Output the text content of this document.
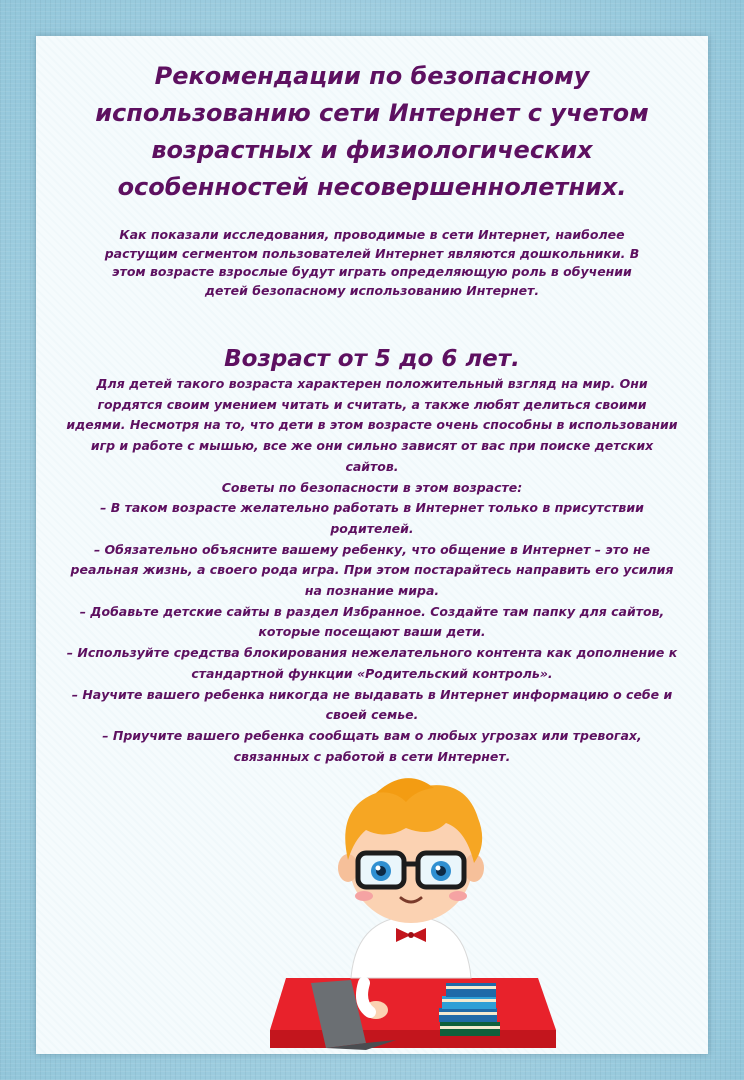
Рекомендации по безопасному использованию сети Интернет с учетом возрастных и физиологических особенностей несовершеннолетних.
Как показали исследования, проводимые в сети Интернет, наиболее растущим сегментом пользователей Интернет являются дошкольники. В этом возрасте взрослые будут играть определяющую роль в обучении детей безопасному использованию Интернет.
Возраст от 5 до 6 лет.

Для детей такого возраста характерен положительный взгляд на мир. Они гордятся своим умением читать и считать, а также любят делиться своими идеями. Несмотря на то, что дети в этом возрасте очень способны в использовании игр и работе с мышью, все же они сильно зависят от вас при поиске детских сайтов.

Советы по безопасности в этом возрасте:

– В таком возрасте желательно работать в Интернет только в присутствии родителей.

– Обязательно объясните вашему ребенку, что общение в Интернет – это не реальная жизнь, а своего рода игра. При этом постарайтесь направить его усилия на познание мира.

– Добавьте детские сайты в раздел Избранное. Создайте там папку для сайтов, которые посещают ваши дети.

– Используйте средства блокирования нежелательного контента как дополнение к стандартной функции «Родительский контроль».

– Научите вашего ребенка никогда не выдавать в Интернет информацию о себе и своей семье.

– Приучите вашего ребенка сообщать вам о любых угрозах или тревогах, связанных с работой в сети Интернет.
